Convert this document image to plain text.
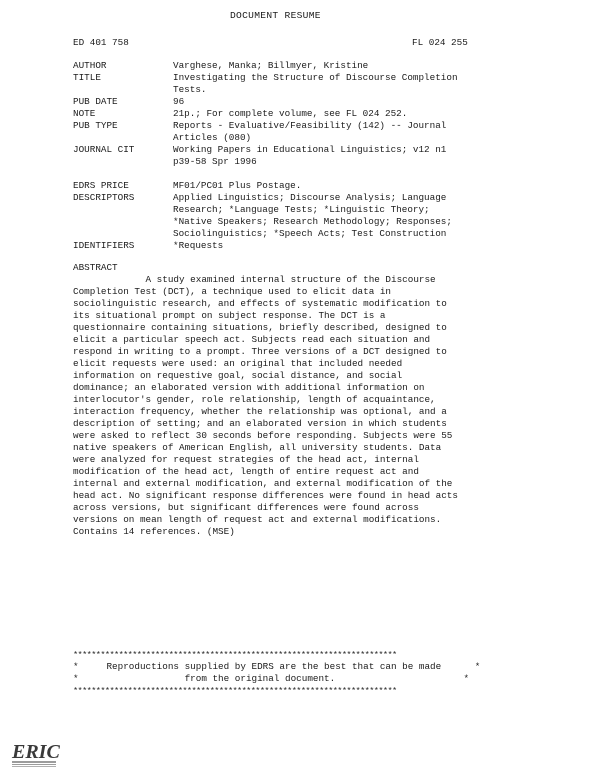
DOCUMENT RESUME
ED 401 758	FL 024 255
AUTHOR	Varghese, Manka; Billmyer, Kristine
TITLE	Investigating the Structure of Discourse Completion
Tests.
PUB DATE	96
NOTE	21p.; For complete volume, see FL 024 252.
PUB TYPE	Reports - Evaluative/Feasibility (142) -- Journal
Articles (080)
JOURNAL CIT	Working Papers in Educational Linguistics; v12 n1
p39-58 Spr 1996
EDRS PRICE	MF01/PC01 Plus Postage.
DESCRIPTORS	Applied Linguistics; Discourse Analysis; Language
Research; *Language Tests; *Linguistic Theory;
*Native Speakers; Research Methodology; Responses;
Sociolinguistics; *Speech Acts; Test Construction
IDENTIFIERS	*Requests
ABSTRACT
A study examined internal structure of the Discourse
Completion Test (DCT), a technique used to elicit data in
sociolinguistic research, and effects of systematic modification to
its situational prompt on subject response. The DCT is a
questionnaire containing situations, briefly described, designed to
elicit a particular speech act. Subjects read each situation and
respond in writing to a prompt. Three versions of a DCT designed to
elicit requests were used: an original that included needed
information on requestive goal, social distance, and social
dominance; an elaborated version with additional information on
interlocutor's gender, role relationship, length of acquaintance,
interaction frequency, whether the relationship was optional, and a
description of setting; and an elaborated version in which students
were asked to reflect 30 seconds before responding. Subjects were 55
native speakers of American English, all university students. Data
were analyzed for request strategies of the head act, internal
modification of the head act, length of entire request act and
internal and external modification, and external modification of the
head act. No significant response differences were found in head acts
across versions, but significant differences were found across
versions on mean length of request act and external modifications.
Contains 14 references. (MSE)
***********************************************************************
*     Reproductions supplied by EDRS are the best that can be made      *
*                   from the original document.                       *
***********************************************************************
ERIC
